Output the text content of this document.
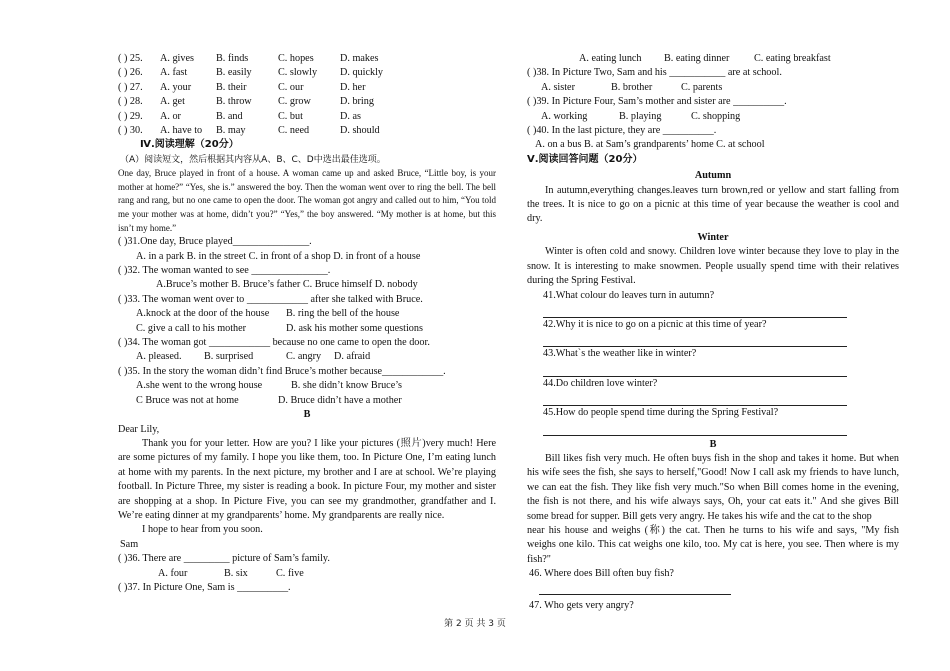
( ) 25. A. gives B. finds	C. hopes	D. makes
( ) 26. A. fast	B. easily	C. slowly D. quickly
( ) 27. A. your B. their	C. our	D. her
( ) 28. A. get	B. throw	C. grow	D. bring
( ) 29. A. or	B. and	C. but	D. as
( ) 30. A. have to B. may	C. need	D. should
Ⅳ.阅读理解（20分）
（A）阅读短文，然后根据其内容从A、B、C、D中选出最佳选项。
One day, Bruce played in front of a house. A woman came up and asked Bruce, “Little boy, is your mother at home?” “Yes, she is.” answered the boy. Then the woman went over to ring the bell. The bell rang and rang, but no one came to open the door. The woman got angry and called out to him, “You told me your mother was at home, didn’t you?” “Yes,” the boy answered. “My mother is at home, but this isn’t my home.”
( )31.One day, Bruce played_______________.
A. in a park B. in the street C. in front of a shop D. in front of a house
( )32. The woman wanted to see _______________.
A.Bruce’s mother B. Bruce’s father C. Bruce himself D. nobody
( )33. The woman went over to ____________ after she talked with Bruce.
A.knock at the door of the house B. ring the bell of the house
C. give a call to his mother	D. ask his mother some questions
( )34. The woman got ____________ because no one came to open the door.
A. pleased. B. surprised	C. angry D. afraid
( )35. In the story the woman didn’t find Bruce’s mother because____________.
A.she went to the wrong house	B. she didn’t know Bruce’s
C Bruce was not at home	D. Bruce didn’t have a mother
B
Dear Lily,
Thank you for your letter. How are you? I like your pictures (照片)very much! Here are some pictures of my family. I hope you like them, too. In Picture One, I’m eating lunch at home with my parents. In the next picture, my brother and I are at school. We’re playing football. In Picture Three, my sister is reading a book. In picture Four, my mother and sister are shopping at a shop. In Picture Five, you can see my grandmother, grandfather and I. We’re eating dinner at my grandparents’ home. My grandparents are really nice.
I hope to hear from you soon.
Sam
( )36. There are _________ picture of Sam’s family.
A. four	B. six	C. five
( )37. In Picture One, Sam is __________.
A. eating lunch B. eating dinner C. eating breakfast
( )38. In Picture Two, Sam and his ___________ are at school.
A. sister	B. brother	C. parents
( )39. In Picture Four, Sam’s mother and sister are __________.
A. working	B. playing	C. shopping
( )40. In the last picture, they are __________.
A. on a bus B. at Sam’s grandparents’ home C. at school
Ⅴ.阅读回答问题（20分）
Autumn
In autumn,everything changes.leaves turn brown,red or yellow and start falling from the trees. It is nice to go on a picnic at this time of year because the weather is cool and dry.
Winter
Winter is often cold and snowy. Children love winter because they love to play in the snow. It is interesting to make snowmen. People usually spend time with their relatives during the Spring Festival.
41.What colour do leaves turn in autumn?
42.Why it is nice to go on a picnic at this time of year?
43.What`s the weather like in winter?
44.Do children love winter?
45.How do people spend time during the Spring Festival?
B
Bill likes fish very much. He often buys fish in the shop and takes it home. But when his wife sees the fish, she says to herself,"Good! Now I call ask my friends to have lunch, we can eat the fish. They like fish very much."So when Bill comes home in the evening, the fish is not there, and his wife always says, Oh, your cat eats it." And she gives Bill some bread for supper. Bill gets very angry. He takes his wife and the cat to the shop
near his house and weighs (称) the cat. Then he turns to his wife and says, "My fish weighs one kilo. This cat weighs one kilo, too. My cat is here, you see. Then where is my fish?"
46. Where does Bill often buy fish?
47. Who gets very angry?
第 2 页 共 3 页
